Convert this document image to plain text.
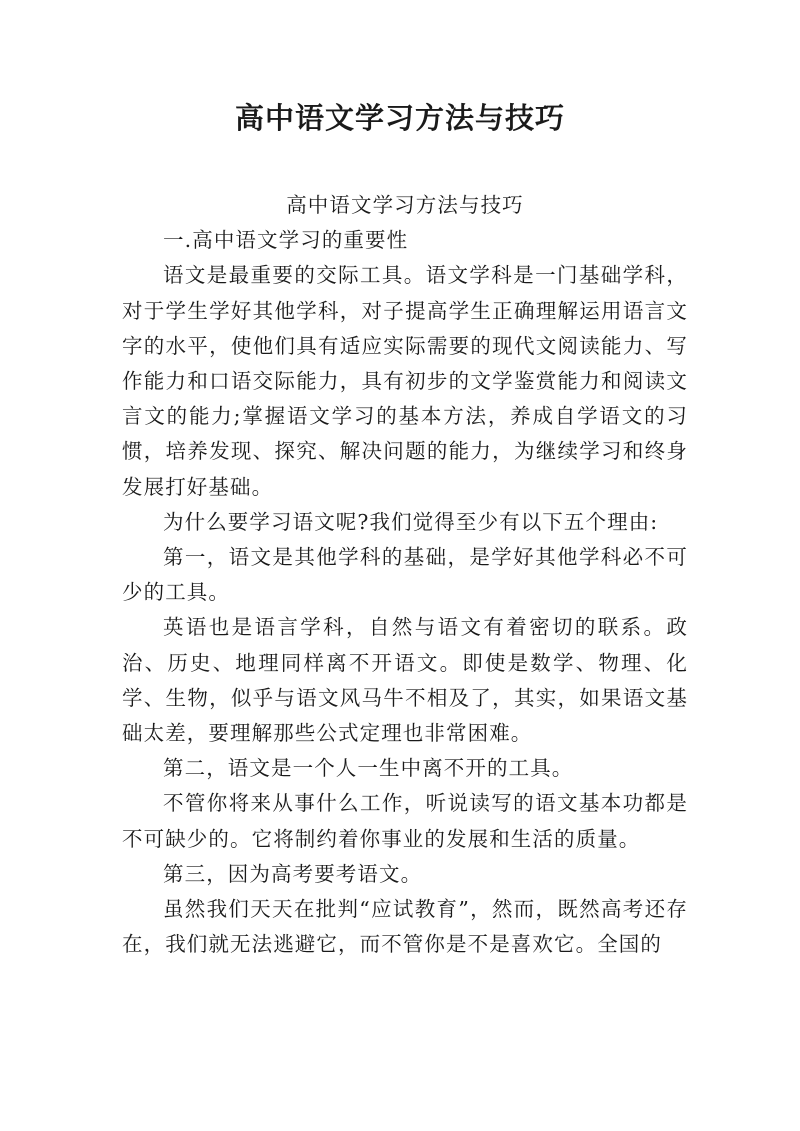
高中语文学习方法与技巧

高中语文学习方法与技巧

一.高中语文学习的重要性

语文是最重要的交际工具。语文学科是一门基础学科，对于学生学好其他学科，对子提高学生正确理解运用语言文字的水平，使他们具有适应实际需要的现代文阅读能力、写作能力和口语交际能力，具有初步的文学鉴赏能力和阅读文言文的能力;掌握语文学习的基本方法，养成自学语文的习惯，培养发现、探究、解决问题的能力，为继续学习和终身发展打好基础。

为什么要学习语文呢?我们觉得至少有以下五个理由:

第一，语文是其他学科的基础，是学好其他学科必不可少的工具。

英语也是语言学科，自然与语文有着密切的联系。政治、历史、地理同样离不开语文。即使是数学、物理、化学、生物，似乎与语文风马牛不相及了，其实，如果语文基础太差，要理解那些公式定理也非常困难。

第二，语文是一个人一生中离不开的工具。

不管你将来从事什么工作，听说读写的语文基本功都是不可缺少的。它将制约着你事业的发展和生活的质量。

第三，因为高考要考语文。

虽然我们天天在批判“应试教育”，然而，既然高考还存在，我们就无法逃避它，而不管你是不是喜欢它。全国的
